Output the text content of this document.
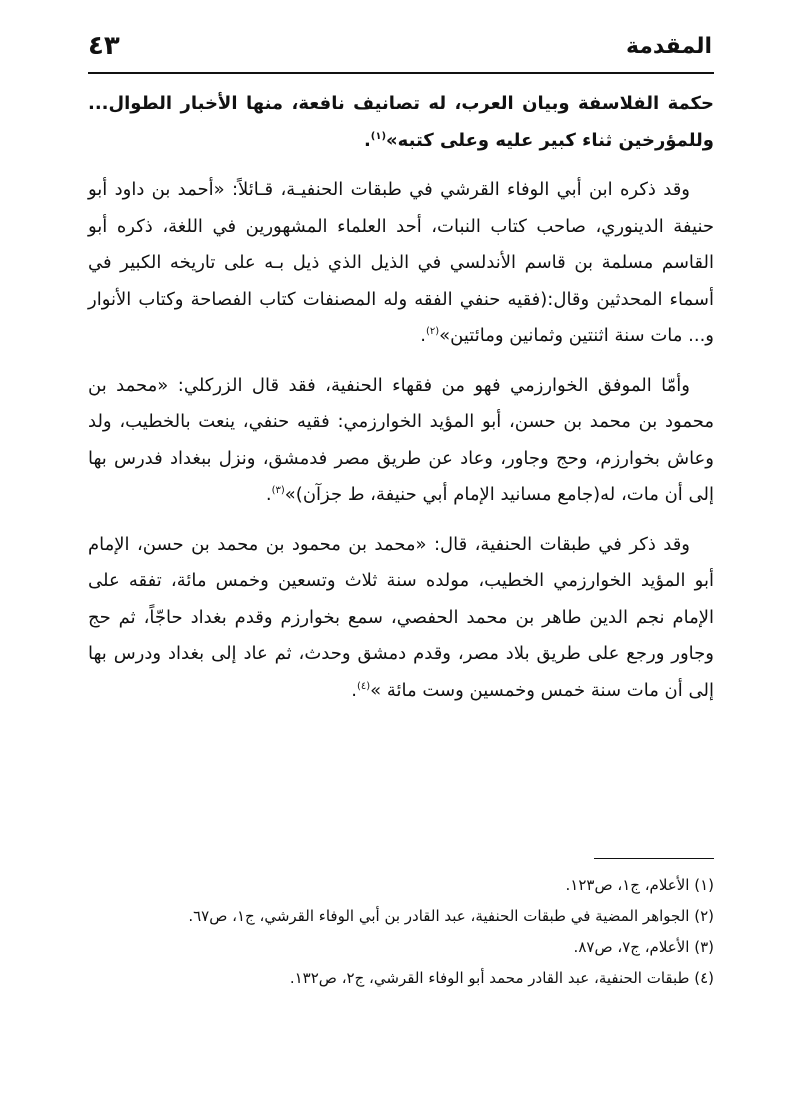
المقدمة
٤٣

حكمة الفلاسفة وبيان العرب، له تصانيف نافعة، منها الأخبار الطوال... وللمؤرخين ثناء كبير عليه وعلى كتبه»$^{(١)}$.

وقد ذكره ابن أبي الوفاء القرشي في طبقات الحنفيـة، قـائلاً: «أحمد بن داود أبو حنيفة الدينوري، صاحب كتاب النبات، أحد العلماء المشهورين في اللغة، ذكره أبو القاسم مسلمة بن قاسم الأندلسي في الذيل الذي ذيل بـه على تاريخه الكبير في أسماء المحدثين وقال:(فقيه حنفي الفقه وله المصنفات كتاب الفصاحة وكتاب الأنوار و... مات سنة اثنتين وثمانين ومائتين»$^{(٢)}$.

وأمّا الموفق الخوارزمي فهو من فقهاء الحنفية، فقد قال الزركلي: «محمد بن محمود بن محمد بن حسن، أبو المؤيد الخوارزمي: فقيه حنفي، ينعت بالخطيب، ولد وعاش بخوارزم، وحج وجاور، وعاد عن طريق مصر فدمشق، ونزل ببغداد فدرس بها إلى أن مات، له(جامع مسانيد الإمام أبي حنيفة، ط جزآن)»$^{(٣)}$.

وقد ذكر في طبقات الحنفية، قال: «محمد بن محمود بن محمد بن حسن، الإمام أبو المؤيد الخوارزمي الخطيب، مولده سنة ثلاث وتسعين وخمس مائة، تفقه على الإمام نجم الدين طاهر بن محمد الحفصي، سمع بخوارزم وقدم بغداد حاجّاً، ثم حج وجاور ورجع على طريق بلاد مصر، وقدم دمشق وحدث، ثم عاد إلى بغداد ودرس بها إلى أن مات سنة خمس وخمسين وست مائة »$^{(٤)}$.

(١) الأعلام، ج١، ص١٢٣.
(٢) الجواهر المضية في طبقات الحنفية، عبد القادر بن أبي الوفاء القرشي، ج١، ص٦٧.
(٣) الأعلام، ج٧، ص٨٧.
(٤) طبقات الحنفية، عبد القادر محمد أبو الوفاء القرشي، ج٢، ص١٣٢.
